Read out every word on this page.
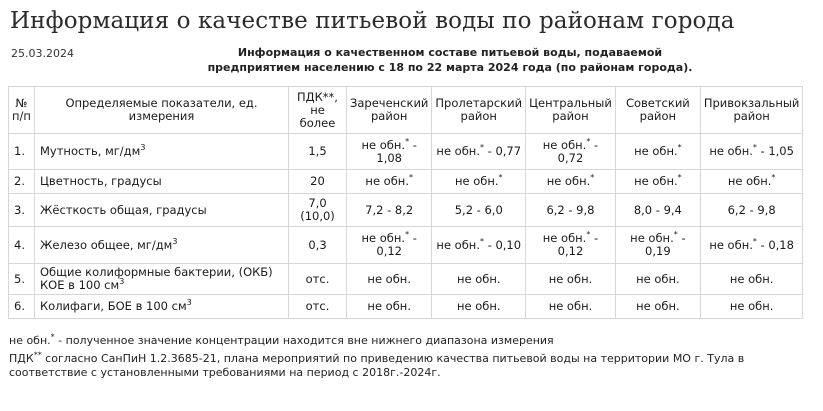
Информация о качестве питьевой воды по районам города
25.03.2024	Информация о качественном составе питьевой воды, подаваемой
предприятием населению с 18 по 22 марта 2024 года (по районам города).
№ п/п	Определяемые показатели, ед. измерения	ПДК**, не более	Зареченский район	Пролетарский район	Центральный район	Советский район	Привокзальный район
1.	Мутность, $мг/дм^3$	1,5	не обн.* - 1,08	не обн.* - 0,77	не обн.* - 0,72	не обн.*	не обн.* - 1,05
2.	Цветность, градусы	20	не обн.*	не обн.*	не обн.*	не обн.*	не обн.*
3.	Жёсткость общая, градусы	7,0 (10,0)	7,2 - 8,2	5,2 - 6,0	6,2 - 9,8	8,0 - 9,4	6,2 - 9,8
4.	Железо общее, $мг/дм^3$	0,3	не обн.* - 0,12	не обн.* - 0,10	не обн.* - 0,12	не обн.* - 0,19	не обн.* - 0,18
5.	Общие колиформные бактерии, (ОКБ) КОЕ в 100 $см^3$	отс.	не обн.	не обн.	не обн.	не обн.	не обн.
6.	Колифаги, БОЕ в 100 $см^3$	отс.	не обн.	не обн.	не обн.	не обн.	не обн.
не обн.* - полученное значение концентрации находится вне нижнего диапазона измерения
ПДК** согласно СанПиН 1.2.3685-21, плана мероприятий по приведению качества питьевой воды на территории МО г. Тула в соответствие с установленными требованиями на период с 2018г.-2024г.
